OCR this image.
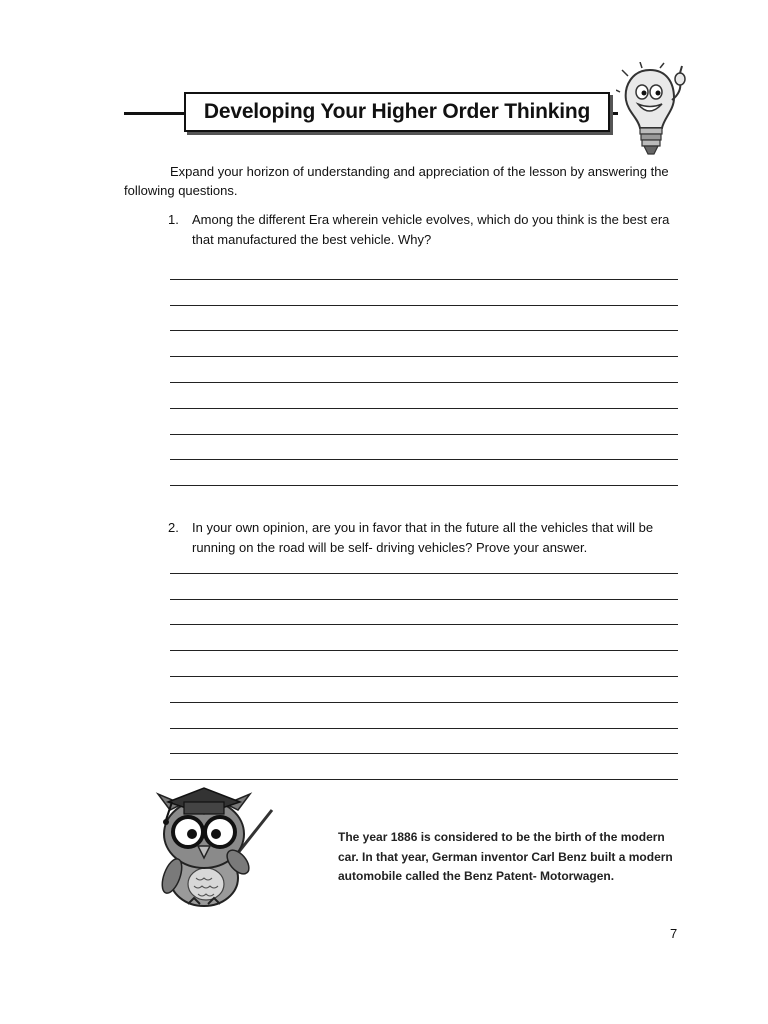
Developing Your Higher Order Thinking
Expand your horizon of understanding and appreciation of the lesson by answering the following questions.
1.	Among the different Era wherein vehicle evolves, which do you think is the best era that manufactured the best vehicle. Why?
2.	In your own opinion, are you in favor that in the future all the vehicles that will be running on the road will be self- driving vehicles? Prove your answer.
The year 1886 is considered to be the birth of the modern car. In that year, German inventor Carl Benz built a modern automobile called the Benz Patent- Motorwagen.
7
